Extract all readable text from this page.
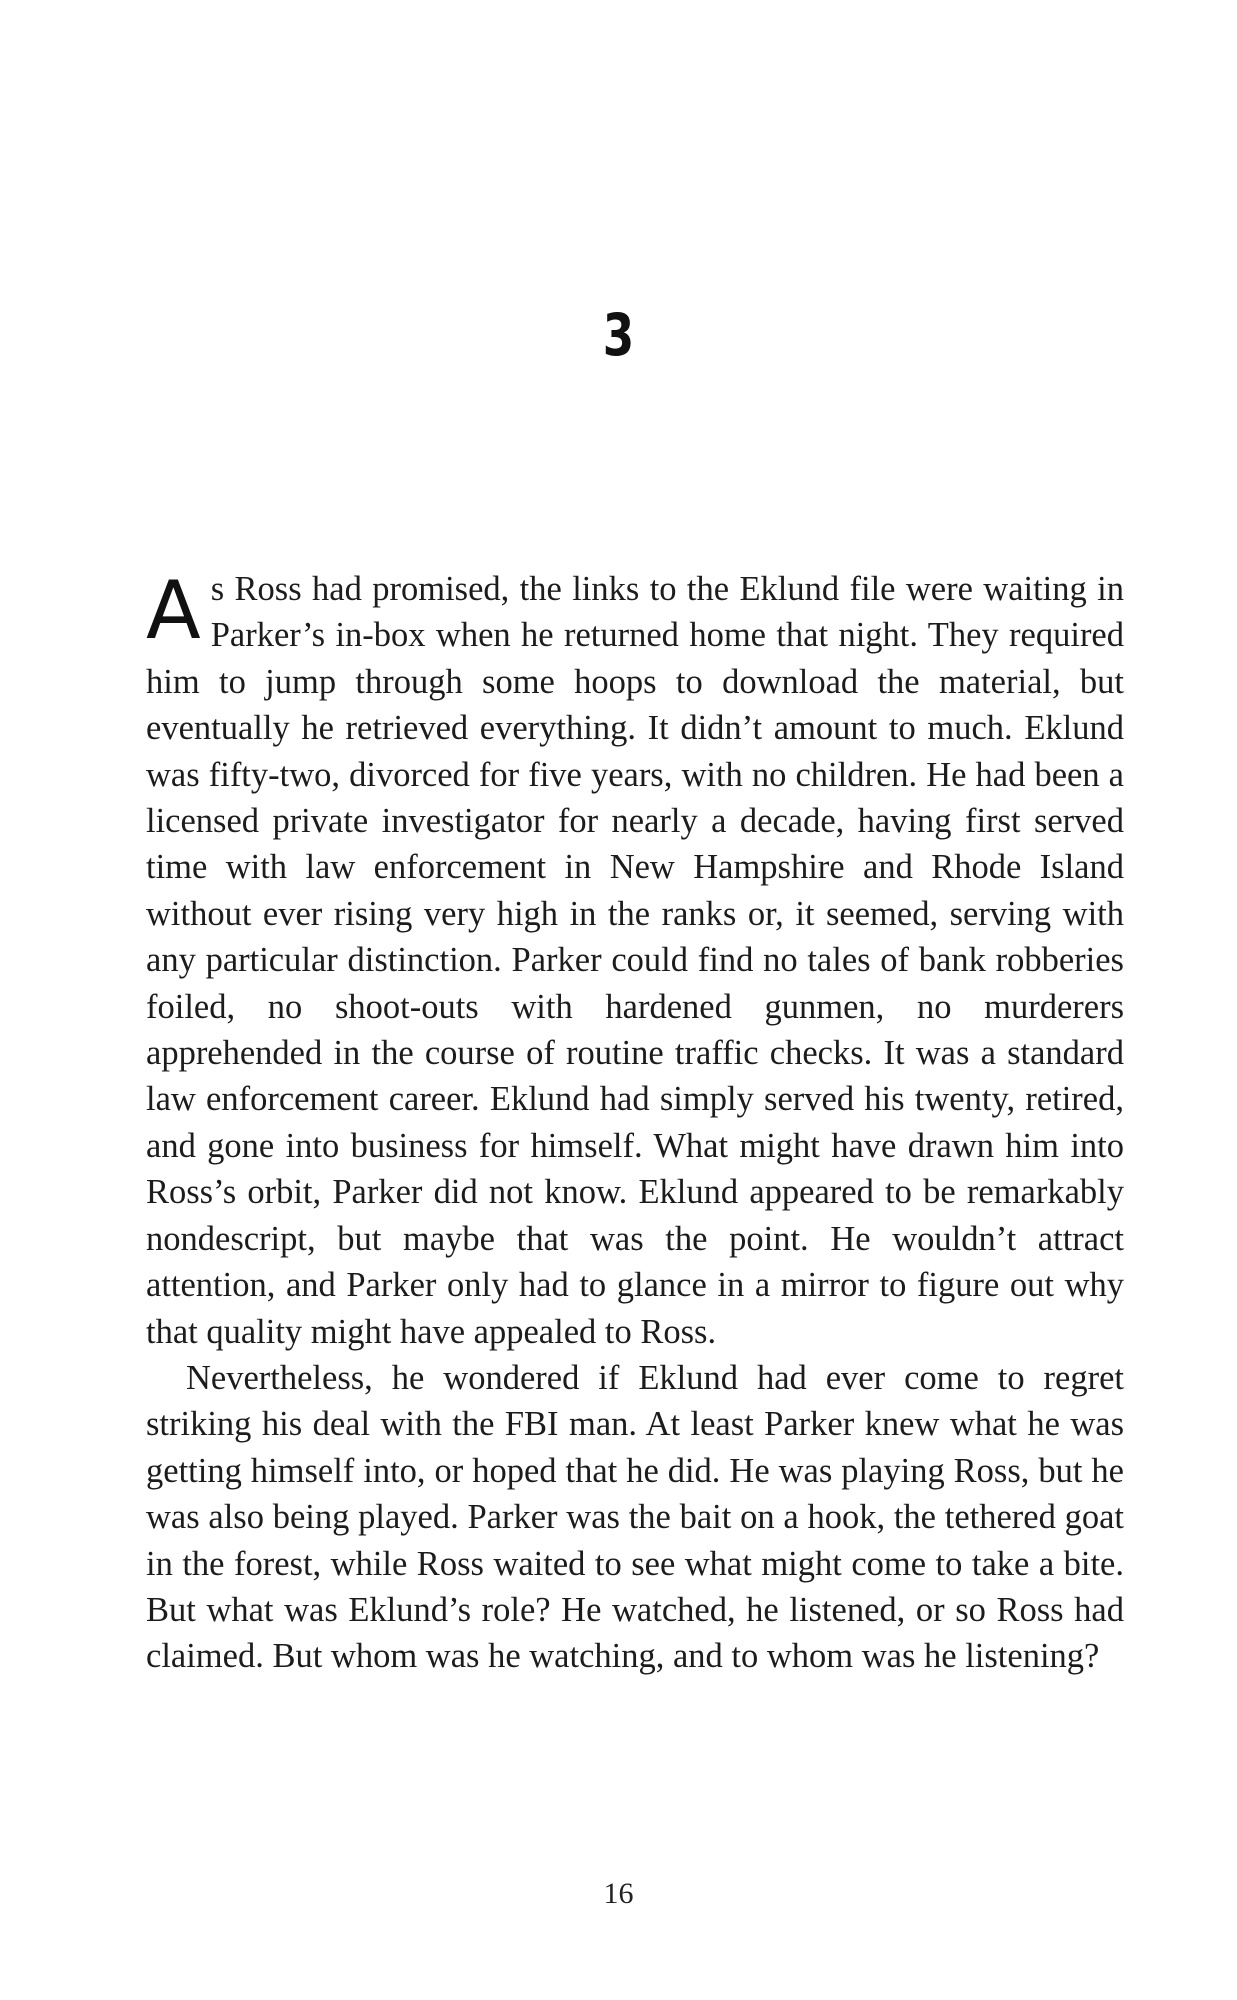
3

As Ross had promised, the links to the Eklund file were waiting in Parker’s in-box when he returned home that night. They required him to jump through some hoops to download the material, but eventually he retrieved everything. It didn’t amount to much. Eklund was fifty-two, divorced for five years, with no children. He had been a licensed private investigator for nearly a decade, having first served time with law enforcement in New Hampshire and Rhode Island without ever rising very high in the ranks or, it seemed, serving with any particular distinction. Parker could find no tales of bank robberies foiled, no shoot-outs with hardened gunmen, no murderers apprehended in the course of routine traffic checks. It was a standard law enforcement career. Eklund had simply served his twenty, retired, and gone into business for himself. What might have drawn him into Ross’s orbit, Parker did not know. Eklund appeared to be remarkably nondescript, but maybe that was the point. He wouldn’t attract attention, and Parker only had to glance in a mirror to figure out why that quality might have appealed to Ross.

Nevertheless, he wondered if Eklund had ever come to regret striking his deal with the FBI man. At least Parker knew what he was getting himself into, or hoped that he did. He was playing Ross, but he was also being played. Parker was the bait on a hook, the tethered goat in the forest, while Ross waited to see what might come to take a bite. But what was Eklund’s role? He watched, he listened, or so Ross had claimed. But whom was he watching, and to whom was he listening?

16
